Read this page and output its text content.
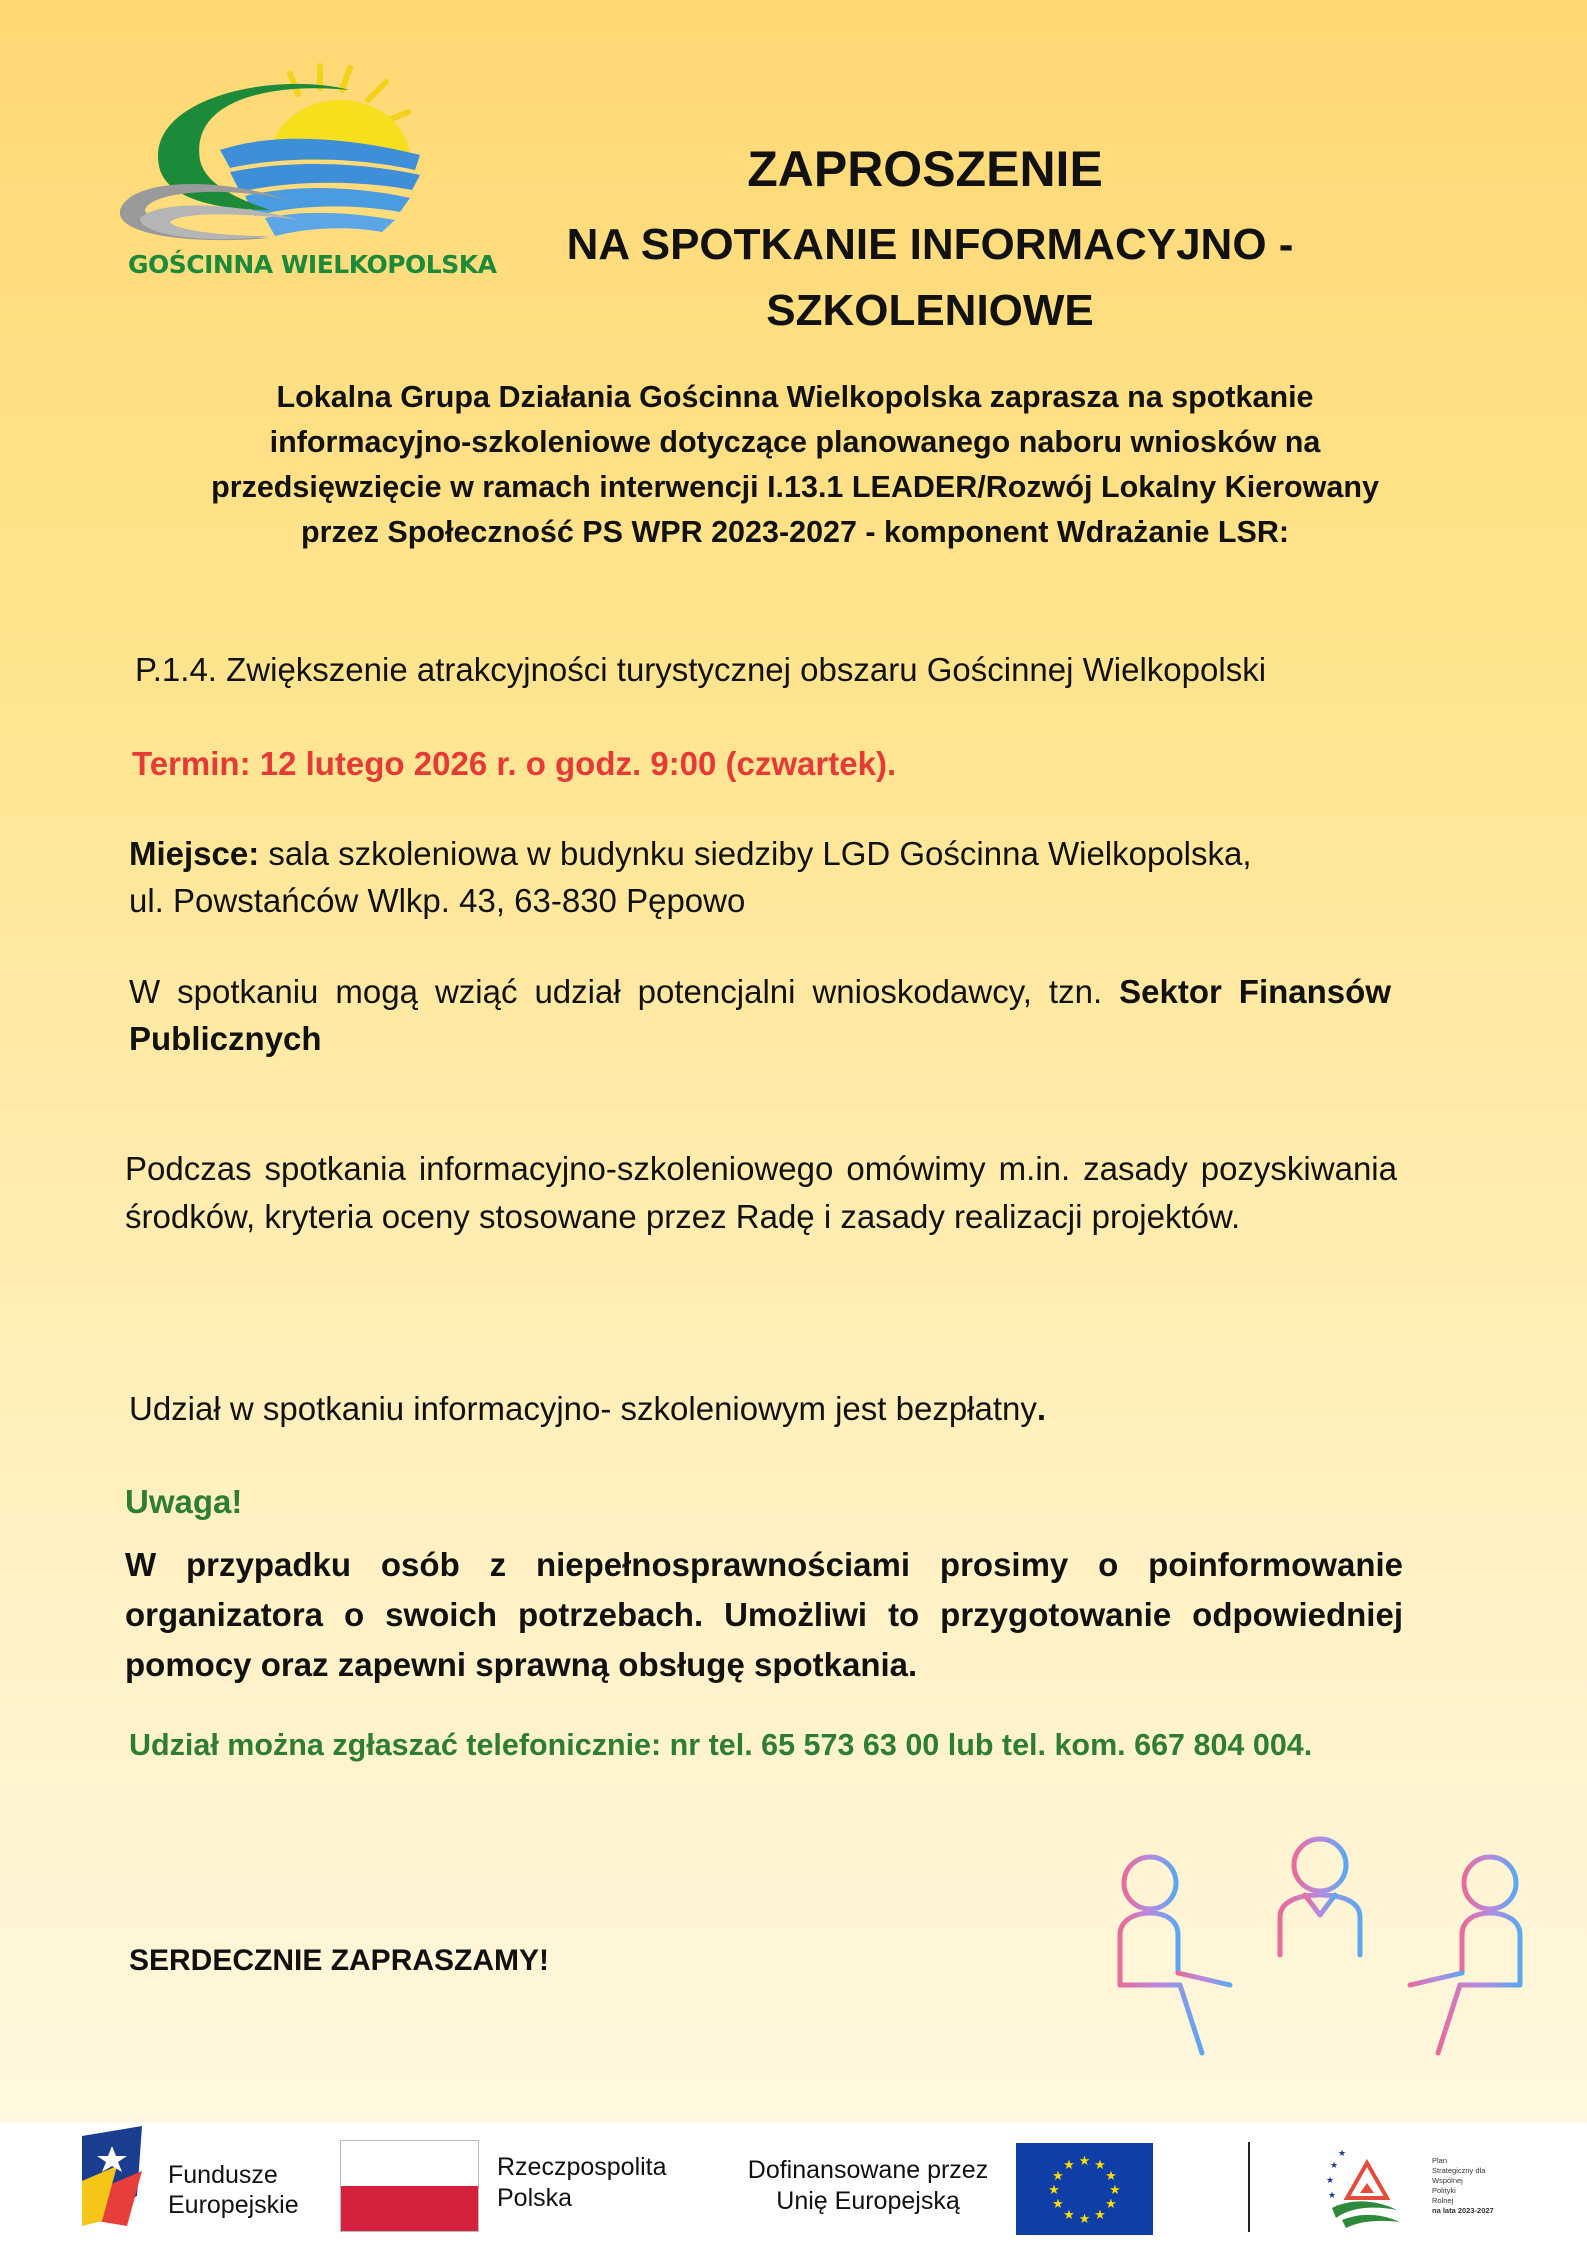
GOŚCINNA WIELKOPOLSKA
ZAPROSZENIE
NA SPOTKANIE INFORMACYJNO -
SZKOLENIOWE
Lokalna Grupa Działania Gościnna Wielkopolska zaprasza na spotkanie
informacyjno-szkoleniowe dotyczące planowanego naboru wniosków na
przedsięwzięcie w ramach interwencji I.13.1 LEADER/Rozwój Lokalny Kierowany
przez Społeczność PS WPR 2023-2027 - komponent Wdrażanie LSR:
P.1.4. Zwiększenie atrakcyjności turystycznej obszaru Gościnnej Wielkopolski
Termin: 12 lutego 2026 r. o godz. 9:00 (czwartek).
Miejsce: sala szkoleniowa w budynku siedziby LGD Gościnna Wielkopolska,
ul. Powstańców Wlkp. 43, 63-830 Pępowo
W spotkaniu mogą wziąć udział potencjalni wnioskodawcy, tzn. Sektor Finansów Publicznych
Podczas spotkania informacyjno-szkoleniowego omówimy m.in. zasady pozyskiwania środków, kryteria oceny stosowane przez Radę i zasady realizacji projektów.
Udział w spotkaniu informacyjno- szkoleniowym jest bezpłatny.
Uwaga!
W przypadku osób z niepełnosprawnościami prosimy o poinformowanie organizatora o swoich potrzebach. Umożliwi to przygotowanie odpowiedniej pomocy oraz zapewni sprawną obsługę spotkania.
Udział można zgłaszać telefonicznie: nr tel. 65 573 63 00 lub tel. kom. 667 804 004.
SERDECZNIE ZAPRASZAMY!
Fundusze
Europejskie
Rzeczpospolita
Polska
Dofinansowane przez
Unię Europejską
★ ★
★
★
★
★
★
★
★
★
★
★	★
★
★
★
Plan
Strategiczny dla
Wspólnej
Polityki
Rolnej
na lata 2023-2027
